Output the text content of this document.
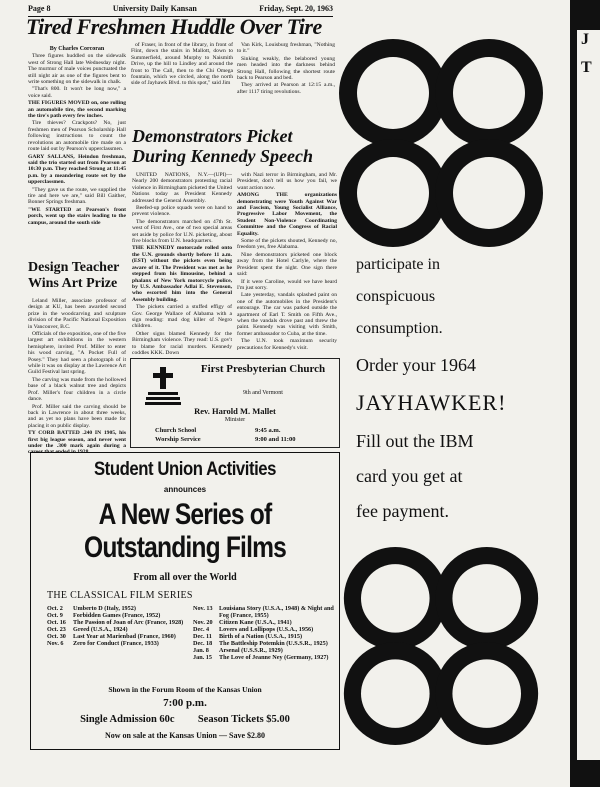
Page 8	University Daily Kansan	Friday, Sept. 20, 1963
Tired Freshmen Huddle Over Tire

By Charles Corcoran

Three figures huddled on the sidewalk west of Strong Hall late Wednesday night. The murmur of male voices punctuated the still night air as one of the figures bent to write something on the sidewalk in chalk.

"That's 800. It won't be long now," a voice said.

THE FIGURES MOVED on, one rolling an automobile tire, the second marking the tire's path every few inches.

Tire thieves? Crackpots? No, just freshmen men of Pearson Scholarship Hall following instructions to count the revolutions an automobile tire made on a route laid out by Pearson's upperclassmen.

GARY SALLANS, Heindon freshman, said the trio started out from Pearson at 10:30 p.m. They reached Strong at 11:45 p.m. by a meandering route set by the upperclassmen.

"They gave us the route, we supplied the tire and here we are," said Bill Gaither, Bonner Springs freshman.

"WE STARTED at Pearson's front porch, went up the stairs leading to the campus, around the south side

of Fraser, in front of the library, in front of Flint, down the stairs in Mallott, down to Summerfield, around Murphy to Naismith Drive, up the hill to Lindley and around the front to The Call, then to the Chi Omega fountain, which we circled, along the north side of Jayhawk Blvd. to this spot," said Jim

Van Kirk, Louisburg freshman, "Nothing to it."

Sinking weakly, the belabored young men headed into the darkness behind Strong Hall, following the shortest route back to Pearson and bed.

They arrived at Pearson at 12:15 a.m., after 1117 tiring revolutions.

Demonstrators Picket During Kennedy Speech

UNITED NATIONS, N.Y.—(UPI)—Nearly 200 demonstrators protesting racial violence in Birmingham picketed the United Nations today as President Kennedy addressed the General Assembly.

Beefed-up police squads were on hand to prevent violence.

The demonstrators marched on 47th St. west of First Ave., one of two special areas set aside by police for U.N. picketing, about five blocks from U.N. headquarters.

THE KENNEDY motorcade rolled onto the U.N. grounds shortly before 11 a.m. (EST) without the pickets even being aware of it. The President was met as he stepped from his limousine, behind a phalanx of New York motorcycle police, by U.S. Ambassador Adlai E. Stevenson, who escorted him into the General Assembly building.

The pickets carried a stuffed effigy of Gov. George Wallace of Alabama with a sign reading: mad dog killer of Negro children.

Other signs blamed Kennedy for the Birmingham violence. They read: U.S. gov't to blame for racial murders. Kennedy coddles KKK. Down

with Nazi terror in Birmingham, and Mr. President, don't tell us how you fail, we want action now.

AMONG THE organizations demonstrating were Youth Against War and Fascism, Young Socialist Alliance, Progressive Labor Movement, the Student Non-Violence Coordinating Committee and the Congress of Racial Equality.

Some of the pickets shouted, Kennedy no, freedom yes, free Alabama.

Nine demonstrators picketed one block away from the Hotel Carlyle, where the President spent the night. One sign there said:

If it were Caroline, would we have heard I'm just sorry.

Late yesterday, vandals splashed paint on one of the automobiles in the President's entourage. The car was parked outside the apartment of Earl T. Smith on Fifth Ave., when the vandals drove past and threw the paint. Kennedy was visiting with Smith, former ambassador to Cuba, at the time.

The U.N. took maximum security precautions for Kennedy's visit.

Design Teacher Wins Art Prize

Leland Miller, associate professor of design at KU, has been awarded second prize in the woodcarving and sculpture division of the Pacific National Exposition in Vancouver, B.C.

Officials of the exposition, one of the five largest art exhibitions in the western hemisphere, invited Prof. Miller to enter his wood carving, "A Pocket Full of Posey." They had seen a photograph of it while it was on display at the Lawrence Art Guild Festival last spring.

The carving was made from the hollowed base of a black walnut tree and depicts Prof. Miller's four children in a circle dance.

Prof. Miller said the carving should be back in Lawrence in about three weeks, and as yet no plans have been made for placing it on public display.

TY CORB BATTED .240 IN 1905, his first big league season, and never went under the .300 mark again during a career that ended in 1928.

First Presbyterian Church
9th and Vermont
Rev. Harold M. Mallet
Minister
Church School	9:45 a.m.
Worship Service	9:00 and 11:00
Student Union Activities
announces
A New Series of
Outstanding Films
From all over the World
THE CLASSICAL FILM SERIES
Oct. 2 Umberto D (Italy, 1952)
Oct. 9 Forbidden Games (France, 1952)
Oct. 16 The Passion of Joan of Arc (France, 1928)
Oct. 23 Greed (U.S.A., 1924)
Oct. 30 Last Year at Marienbad (France, 1960)
Nov. 6 Zero for Conduct (France, 1933)
Nov. 13 Louisiana Story (U.S.A., 1948) & Night and Fog (France, 1955)
Nov. 20 Citizen Kane (U.S.A., 1941)
Dec. 4 Lovers and Lollipops (U.S.A., 1956)
Dec. 11 Birth of a Nation (U.S.A., 1915)
Dec. 18 The Battleship Potemkin (U.S.S.R., 1925)
Jan. 8 Arsenal (U.S.S.R., 1929)
Jan. 15 The Love of Jeanne Ney (Germany, 1927)
Shown in the Forum Room of the Kansas Union
7:00 p.m.
Single Admission 60c Season Tickets $5.00
Now on sale at the Kansas Union — Save $2.80
participate in
conspicuous
consumption.
Order your 1964
JAYHAWKER!
Fill out the IBM
card you get at
fee payment.
J
T
